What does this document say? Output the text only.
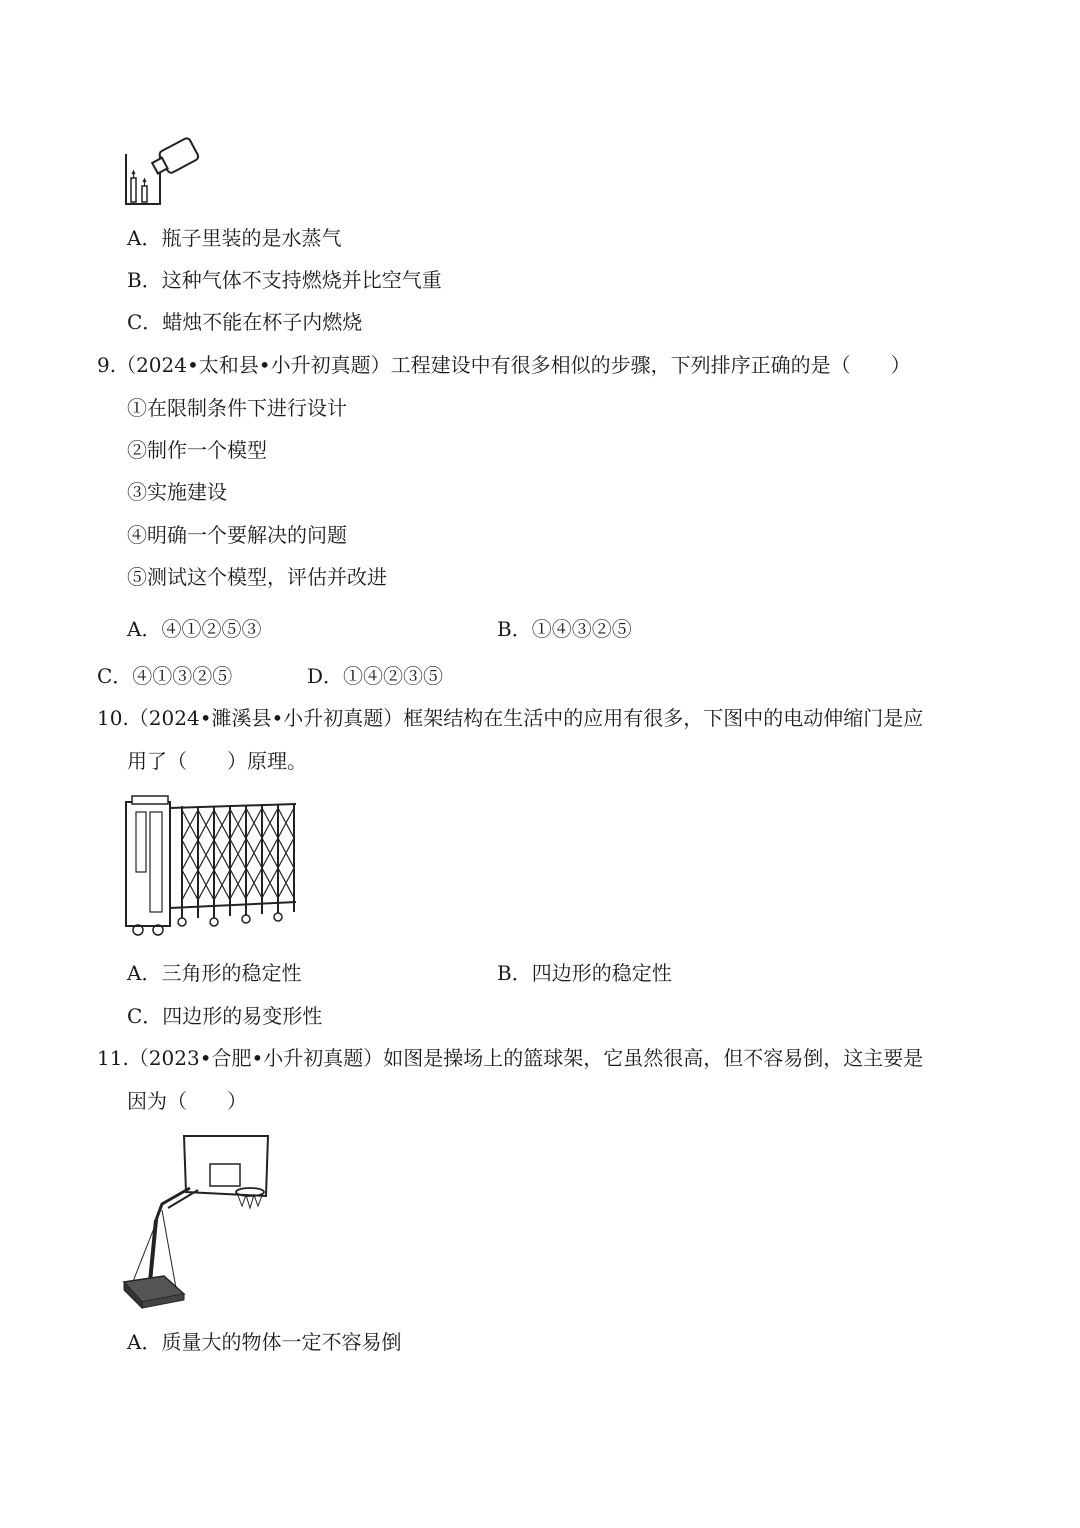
A．瓶子里装的是水蒸气
B．这种气体不支持燃烧并比空气重
C．蜡烛不能在杯子内燃烧
9.（2024•太和县•小升初真题）工程建设中有很多相似的步骤，下列排序正确的是（　　）
①在限制条件下进行设计
②制作一个模型
③实施建设
④明确一个要解决的问题
⑤测试这个模型，评估并改进
A．④①②⑤③	B．①④③②⑤
C．④①③②⑤	D．①④②③⑤
10.（2024•濉溪县•小升初真题）框架结构在生活中的应用有很多，下图中的电动伸缩门是应
用了（　　）原理。
A．三角形的稳定性	B．四边形的稳定性
C．四边形的易变形性
11.（2023•合肥•小升初真题）如图是操场上的篮球架，它虽然很高，但不容易倒，这主要是
因为（　　）
A．质量大的物体一定不容易倒
